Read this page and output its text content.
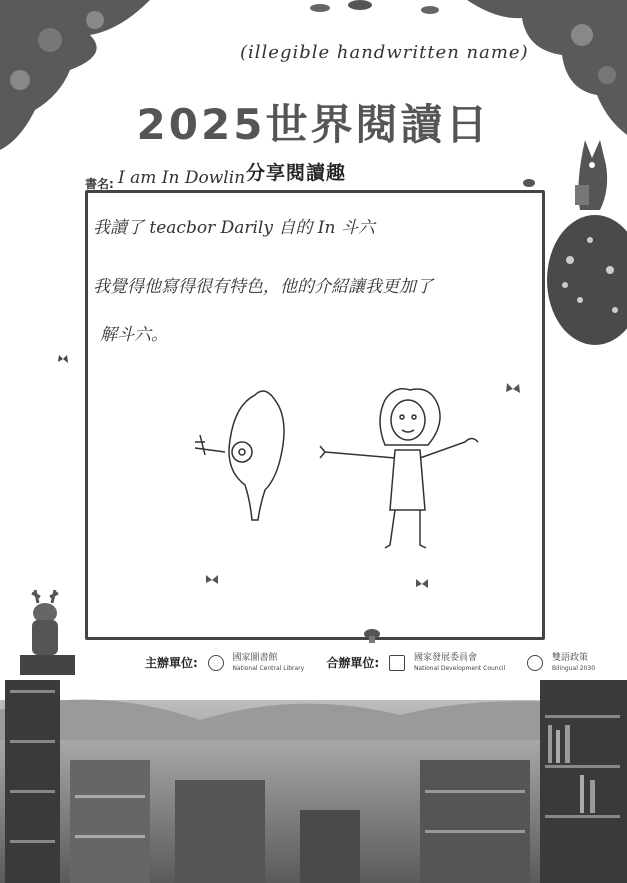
(illegible handwritten name)
2025世界閱讀日
分享閱讀趣
書名: I am In Dowlin
我讀了 teacbor Darily 自的 In 斗六
我覺得他寫得很有特色，他的介紹讓我更加了
解斗六。
主辦單位:	國家圖書館
National Central Library 合辦單位:	國家發展委員會
National Development Council  雙語政策
Bilingual 2030
